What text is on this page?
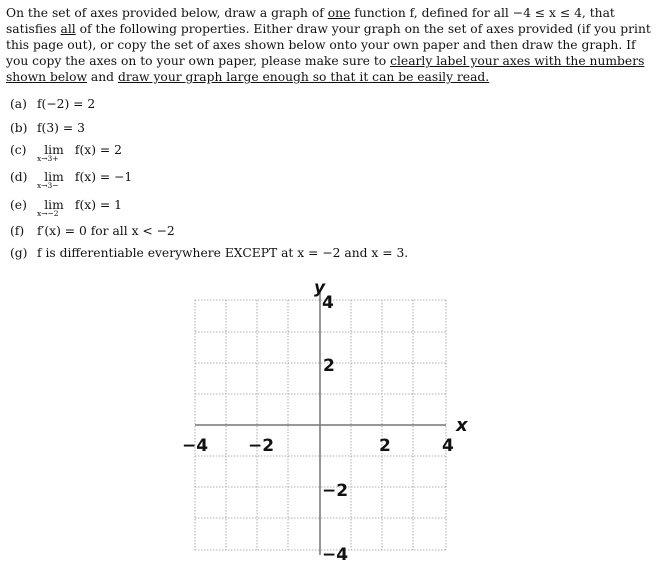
On the set of axes provided below, draw a graph of one function f, defined for all −4 ≤ x ≤ 4, that satisfies all of the following properties. Either draw your graph on the set of axes provided (if you print this page out), or copy the set of axes shown below onto your own paper and then draw the graph. If you copy the axes on to your own paper, please make sure to clearly label your axes with the numbers shown below and draw your graph large enough so that it can be easily read.

(a) f(−2) = 2
(b) f(3) = 3
(c) lim
x→3+
f(x) = 2
(d) lim
x→3−
f(x) = −1
(e) lim
x→−2
f(x) = 1
(f) f′(x) = 0 for all x < −2
(g) f is differentiable everywhere EXCEPT at x = −2 and x = 3.
y
x
−4 −2	2	4
4
2
−2
−4
